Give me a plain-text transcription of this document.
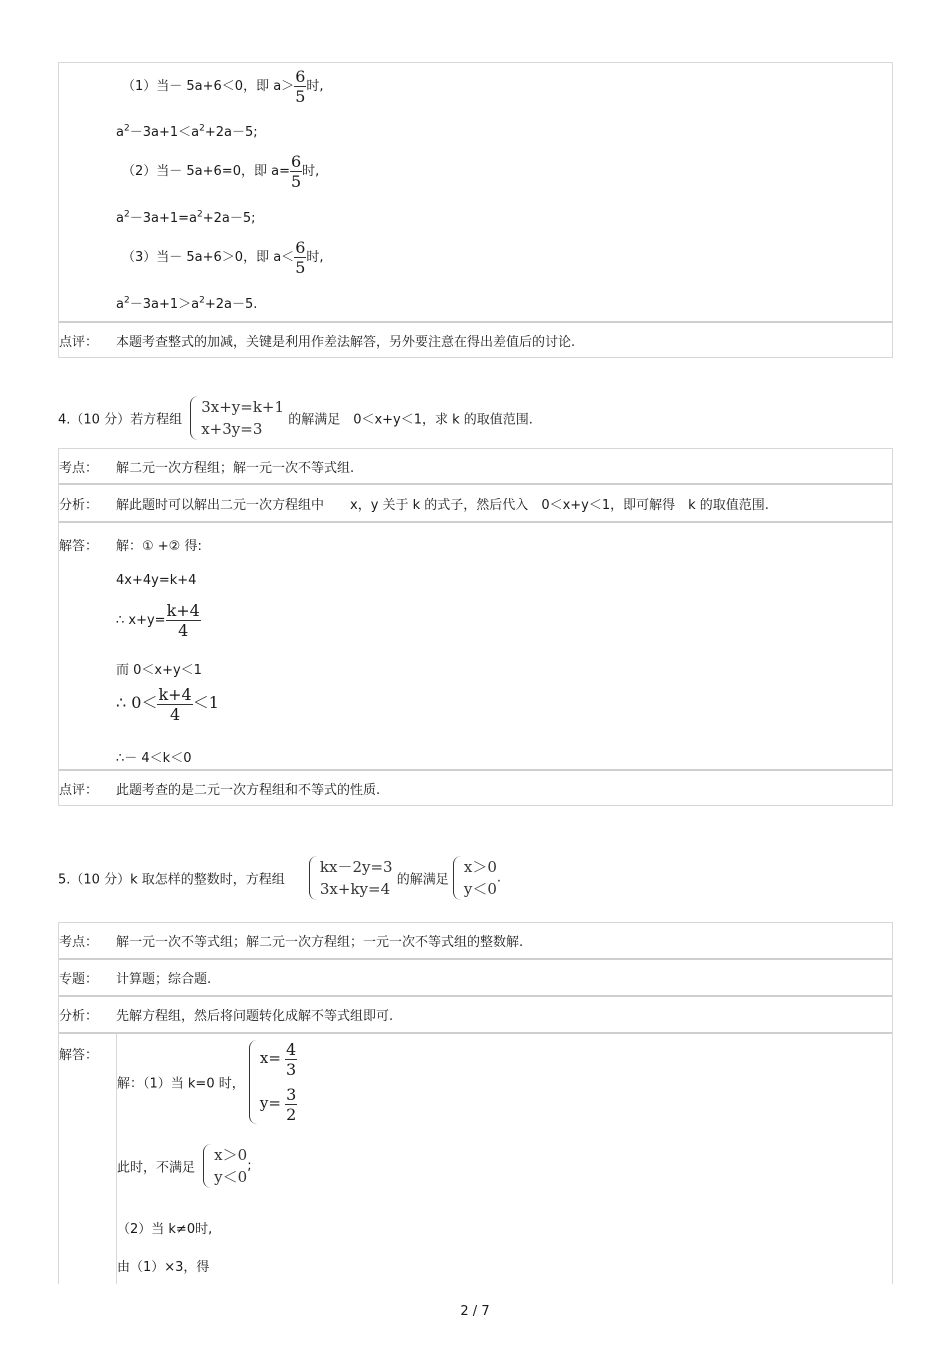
（1）当－ 5a+6＜0，即 $a> \frac{6}{5}$ 时,
$a^2-3a+1<a^2+2a-5$;
（2）当－ 5a+6=0，即 $a= \frac{6}{5}$ 时,
$a^2-3a+1=a^2+2a-5$;
（3）当－ 5a+6＞0，即 $a< \frac{6}{5}$ 时,
$a^2-3a+1>a^2+2a-5$.
点评：	本题考查整式的加减，关键是利用作差法解答，另外要注意在得出差值后的讨论.
4.（10 分）若方程组
3x+y=k+1
x+3y=3	的解满足　0＜x+y＜1，求 k 的取值范围.
考点：	解二元一次方程组；解一元一次不等式组.
分析：	解此题时可以解出二元一次方程组中　　x，y 关于 k 的式子，然后代入　0＜x+y＜1，即可解得　k 的取值范围.
解答：	解：① +② 得:
4x+4y=k+4
∴ $x+y= \frac{k+4}{4}$
而 0＜x+y＜1
∴ $0< \frac{k+4}{4} <1$
∴－ 4＜k＜0
点评：	此题考查的是二元一次方程组和不等式的性质.
5.（10 分）k 取怎样的整数时，方程组
kx－2y=3
3x+ky=4 的解满足
x＞0
y＜0
.
考点：	解一元一次不等式组；解二元一次方程组；一元一次不等式组的整数解.
专题：	计算题；综合题.
分析：	先解方程组，然后将问题转化成解不等式组即可.
解答：
解：（1）当 k=0 时，
$x= \frac{4}{3}$
$y= \frac{3}{2}$
此时，不满足
x＞0
y＜0
;
（2）当 k≠0时,
由（1）×3，得
2 / 7
